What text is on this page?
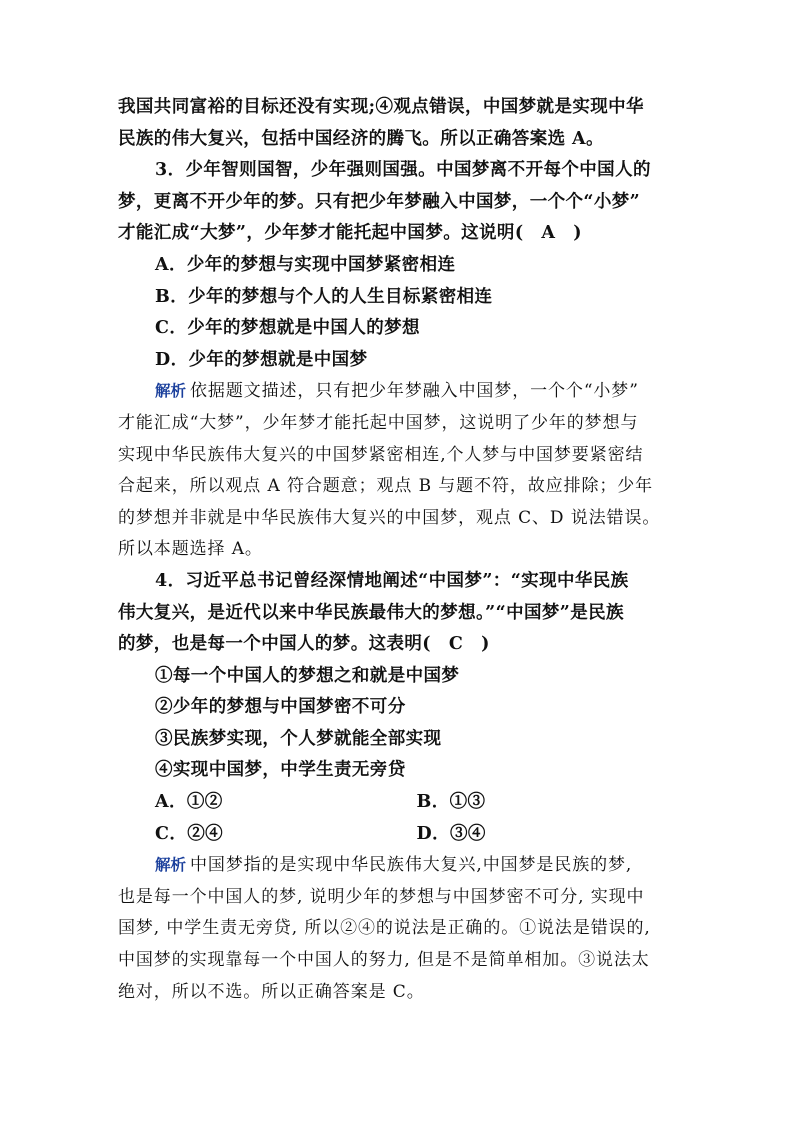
我国共同富裕的目标还没有实现;④观点错误，中国梦就是实现中华
民族的伟大复兴，包括中国经济的腾飞。所以正确答案选 A。
3．少年智则国智，少年强则国强。中国梦离不开每个中国人的
梦，更离不开少年的梦。只有把少年梦融入中国梦，一个个“小梦”
才能汇成“大梦”，少年梦才能托起中国梦。这说明(　A　)
A．少年的梦想与实现中国梦紧密相连
B．少年的梦想与个人的人生目标紧密相连
C．少年的梦想就是中国人的梦想
D．少年的梦想就是中国梦
解析 依据题文描述，只有把少年梦融入中国梦，一个个“小梦”
才能汇成“大梦”，少年梦才能托起中国梦，这说明了少年的梦想与
实现中华民族伟大复兴的中国梦紧密相连,个人梦与中国梦要紧密结
合起来，所以观点 A 符合题意；观点 B 与题不符，故应排除；少年
的梦想并非就是中华民族伟大复兴的中国梦，观点 C、D 说法错误。
所以本题选择 A。
4．习近平总书记曾经深情地阐述“中国梦”：“实现中华民族
伟大复兴，是近代以来中华民族最伟大的梦想。”“中国梦”是民族
的梦，也是每一个中国人的梦。这表明(　C　)
①每一个中国人的梦想之和就是中国梦
②少年的梦想与中国梦密不可分
③民族梦实现，个人梦就能全部实现
④实现中国梦，中学生责无旁贷
A．①②	B．①③
C．②④	D．③④
解析 中国梦指的是实现中华民族伟大复兴,中国梦是民族的梦,
也是每一个中国人的梦, 说明少年的梦想与中国梦密不可分, 实现中
国梦, 中学生责无旁贷, 所以②④的说法是正确的。①说法是错误的,
中国梦的实现靠每一个中国人的努力, 但是不是简单相加。③说法太
绝对，所以不选。所以正确答案是 C。
